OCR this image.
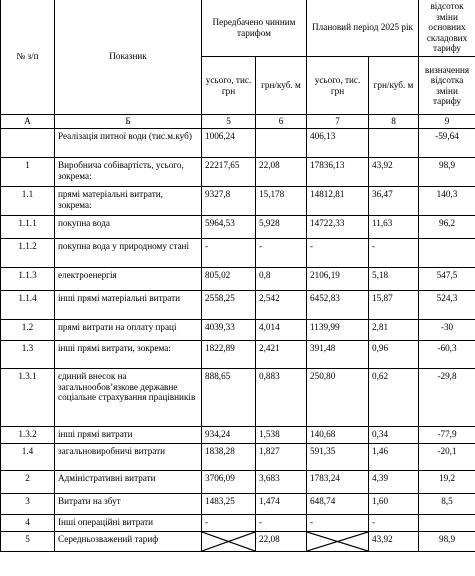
№ з/п	Показник	Передбачено чинним тарифом		Плановий період 2025 рік		відсоток зміни основних складових тарифу
		усього, тис. грн	грн/куб. м	усього, тис. грн	грн/куб. м	визначення відсотка зміни тарифу
А	Б	5	6	7	8	9
	Реалізація питної води (тис.м.куб)	1006,24		406,13		-59,64
1	Виробнича собівартість, усього, зокрема:	22217,65	22,08	17836,13	43,92	98,9
1.1	прямі матеріальні витрати, зокрема:	9327,8	15,178	14812,81	36,47	140,3
1.1.1	покупна вода	5964,53	5,928	14722,33	11,63	96,2
1.1.2	покупна вода у природному стані	-	-	-	-	
1.1.3	електроенергія	805,02	0,8	2106,19	5,18	547,5
1.1.4	інші прямі матеріальні витрати	2558,25	2,542	6452,83	15,87	524,3
1.2	прямі витрати на оплату праці	4039,33	4,014	1139,99	2,81	-30
1.3	інші прямі витрати, зокрема:	1822,89	2,421	391,48	0,96	-60,3
1.3.1	єдиний внесок на загальнообов’язкове державне соціальне страхування працівників	888,65	0,883	250,80	0,62	-29,8
1.3.2	інші прямі витрати	934,24	1,538	140,68	0,34	-77,9
1.4	загальновиробничі витрати	1838,28	1,827	591,35	1,46	-20,1
2	Адміністративні витрати	3706,09	3,683	1783,24	4,39	19,2
3	Витрати на збут	1483,25	1,474	648,74	1,60	8,5
4	Інші операційні витрати	-	-	-	-	
5	Середньозважений тариф		22,08		43,92	98,9
